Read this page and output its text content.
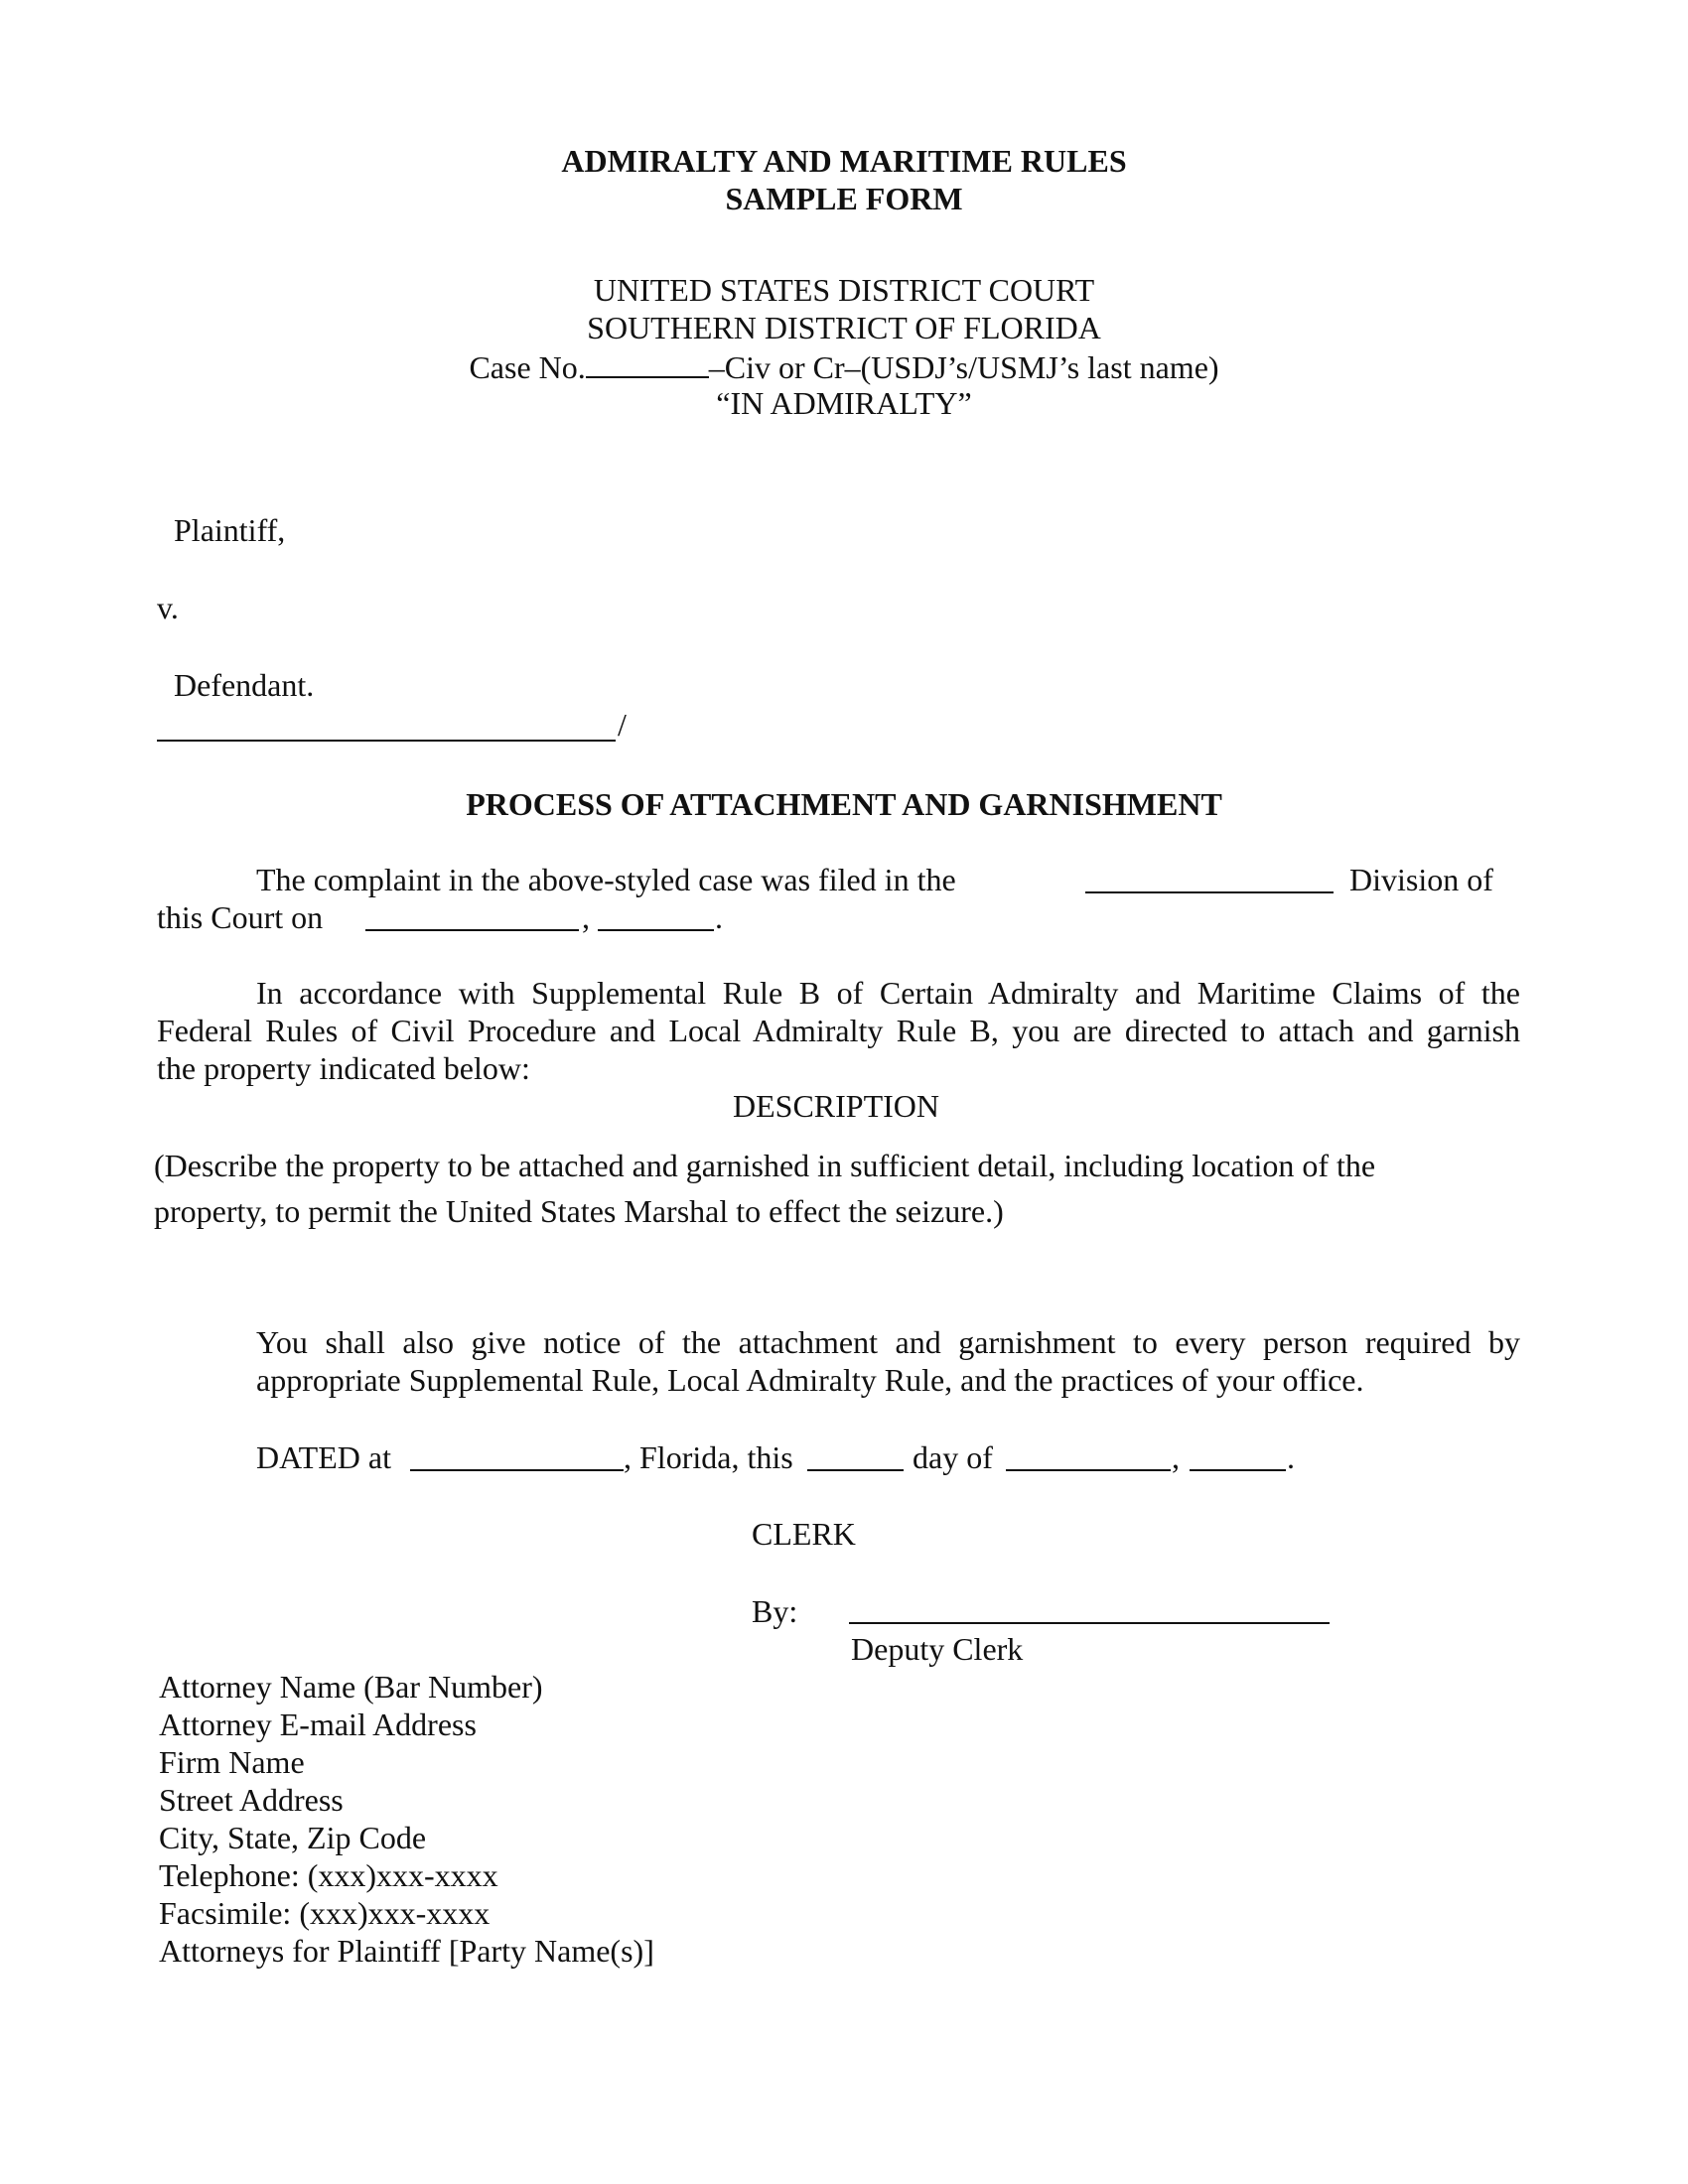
ADMIRALTY AND MARITIME RULES
SAMPLE FORM
UNITED STATES DISTRICT COURT
SOUTHERN DISTRICT OF FLORIDA
Case No.	–Civ or Cr–(USDJ’s/USMJ’s last name)
“IN ADMIRALTY”
Plaintiff,
v.
Defendant.
/
PROCESS OF ATTACHMENT AND GARNISHMENT
The complaint in the above-styled case was filed in the	Division of
this Court on	,	.
In accordance with Supplemental Rule B of Certain Admiralty and Maritime Claims of the
Federal Rules of Civil Procedure and Local Admiralty Rule B, you are directed to attach and garnish
the property indicated below:
DESCRIPTION
(Describe the property to be attached and garnished in sufficient detail, including location of the
property, to permit the United States Marshal to effect the seizure.)
You shall also give notice of the attachment and garnishment to every person required by
appropriate Supplemental Rule, Local Admiralty Rule, and the practices of your office.
DATED at	, Florida, this	day of	,	.
CLERK
By:
Deputy Clerk
Attorney Name (Bar Number)
Attorney E-mail Address
Firm Name
Street Address
City, State, Zip Code
Telephone: (xxx)xxx-xxxx
Facsimile: (xxx)xxx-xxxx
Attorneys for Plaintiff [Party Name(s)]
